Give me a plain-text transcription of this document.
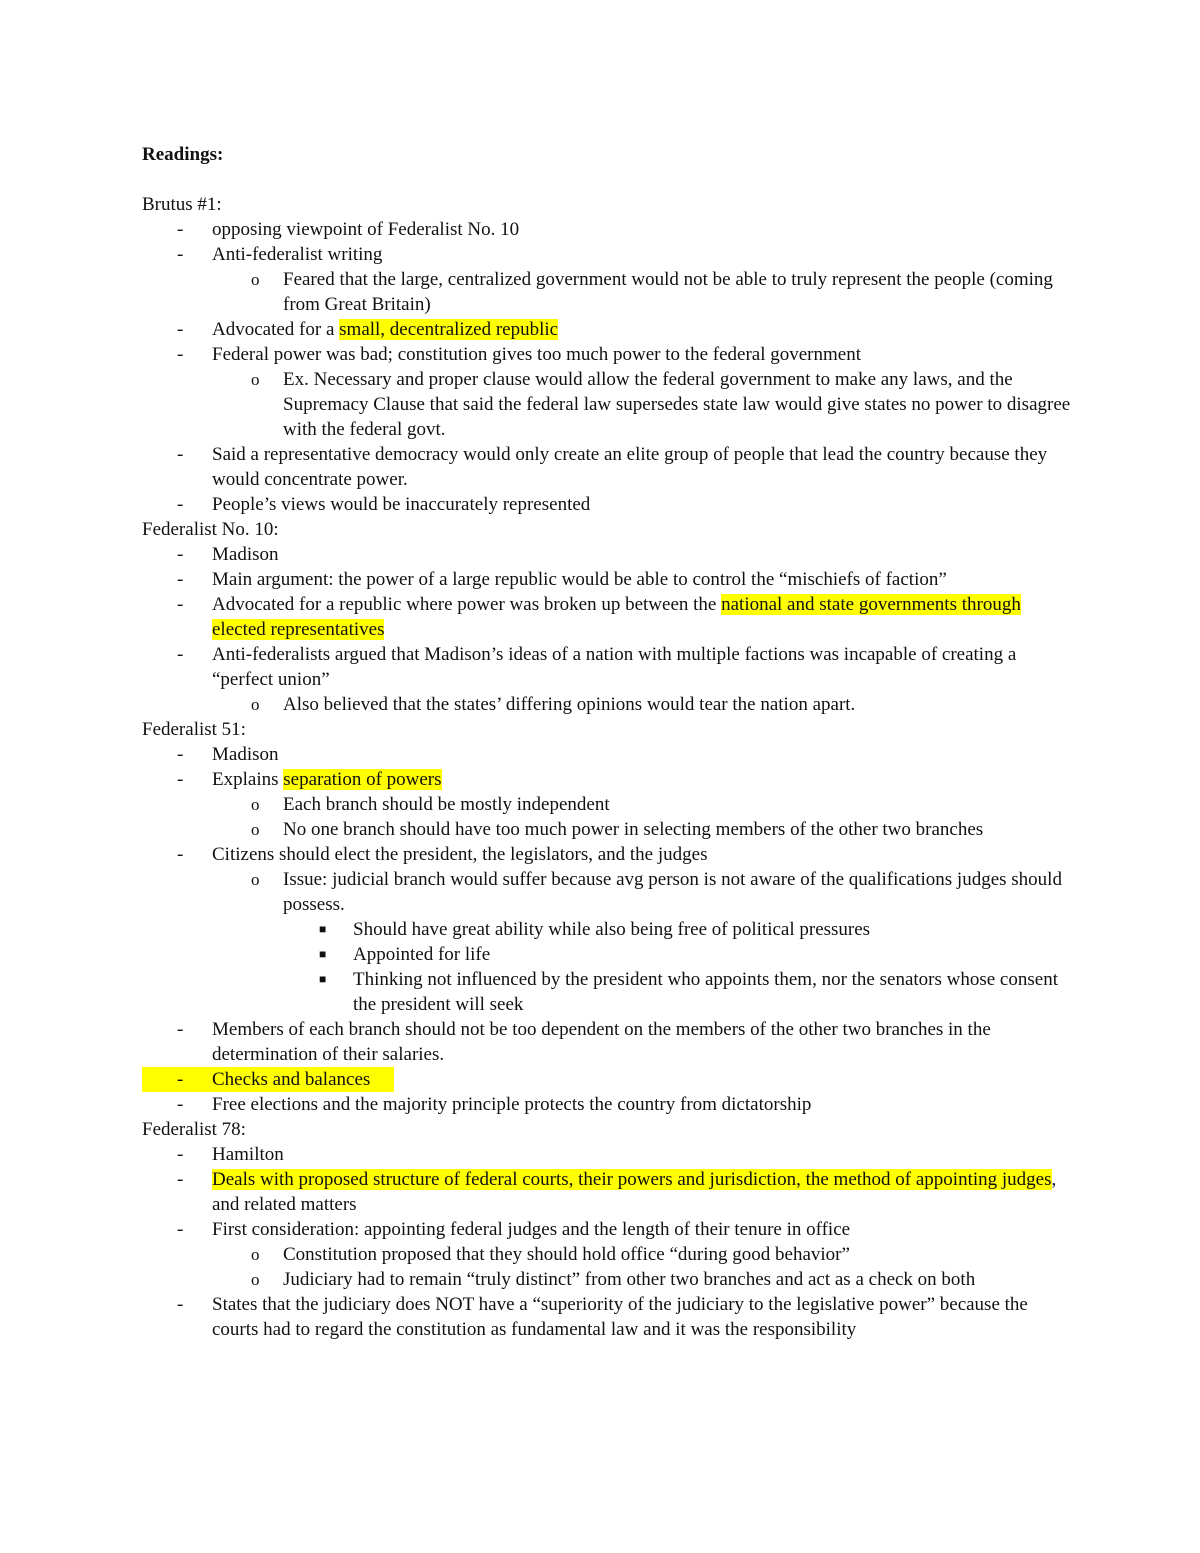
Readings:
Brutus #1:
- opposing viewpoint of Federalist No. 10
- Anti-federalist writing
o Feared that the large, centralized government would not be able to truly represent the people (coming from Great Britain)
- Advocated for a small, decentralized republic
- Federal power was bad; constitution gives too much power to the federal government
o Ex. Necessary and proper clause would allow the federal government to make any laws, and the Supremacy Clause that said the federal law supersedes state law would give states no power to disagree with the federal govt.
- Said a representative democracy would only create an elite group of people that lead the country because they would concentrate power.
- People’s views would be inaccurately represented
Federalist No. 10:
- Madison
- Main argument: the power of a large republic would be able to control the “mischiefs of faction”
- Advocated for a republic where power was broken up between the national and state governments through elected representatives
- Anti-federalists argued that Madison’s ideas of a nation with multiple factions was incapable of creating a “perfect union”
o Also believed that the states’ differing opinions would tear the nation apart.
Federalist 51:
- Madison
- Explains separation of powers
o Each branch should be mostly independent
o No one branch should have too much power in selecting members of the other two branches
- Citizens should elect the president, the legislators, and the judges
o Issue: judicial branch would suffer because avg person is not aware of the qualifications judges should possess.
■ Should have great ability while also being free of political pressures
■ Appointed for life
■ Thinking not influenced by the president who appoints them, nor the senators whose consent the president will seek
- Members of each branch should not be too dependent on the members of the other two branches in the determination of their salaries.
- Checks and balances
- Free elections and the majority principle protects the country from dictatorship
Federalist 78:
- Hamilton
- Deals with proposed structure of federal courts, their powers and jurisdiction, the method of appointing judges, and related matters
- First consideration: appointing federal judges and the length of their tenure in office
o Constitution proposed that they should hold office “during good behavior”
o Judiciary had to remain “truly distinct” from other two branches and act as a check on both
- States that the judiciary does NOT have a “superiority of the judiciary to the legislative power” because the courts had to regard the constitution as fundamental law and it was the responsibility
